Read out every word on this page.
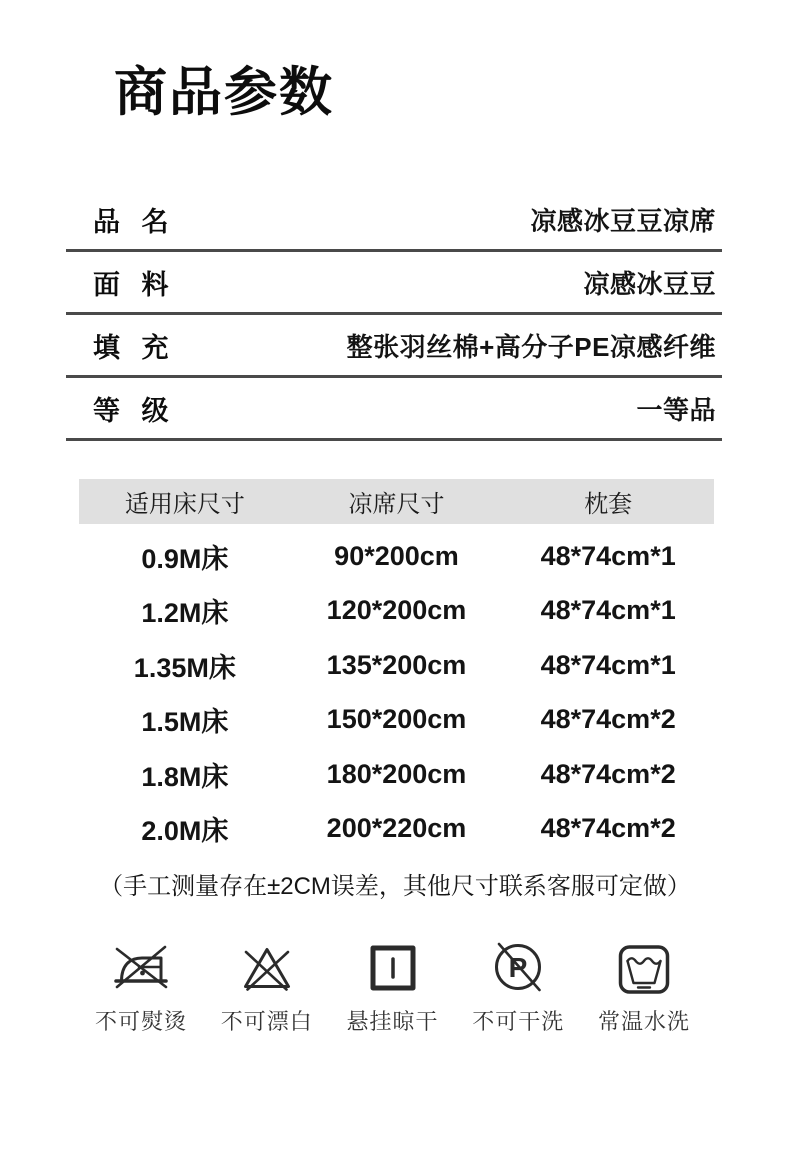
商品参数
品 名	凉感冰豆豆凉席
面 料	凉感冰豆豆
填 充	整张羽丝棉+高分子PE凉感纤维
等 级	一等品
适用床尺寸	凉席尺寸	枕套
0.9M床	90*200cm	48*74cm*1
1.2M床	120*200cm	48*74cm*1
1.35M床	135*200cm	48*74cm*1
1.5M床	150*200cm	48*74cm*2
1.8M床	180*200cm	48*74cm*2
2.0M床	200*220cm	48*74cm*2
（手工测量存在±2CM误差，其他尺寸联系客服可定做）
不可熨烫 不可漂白 悬挂晾干
P
不可干洗 常温水洗
